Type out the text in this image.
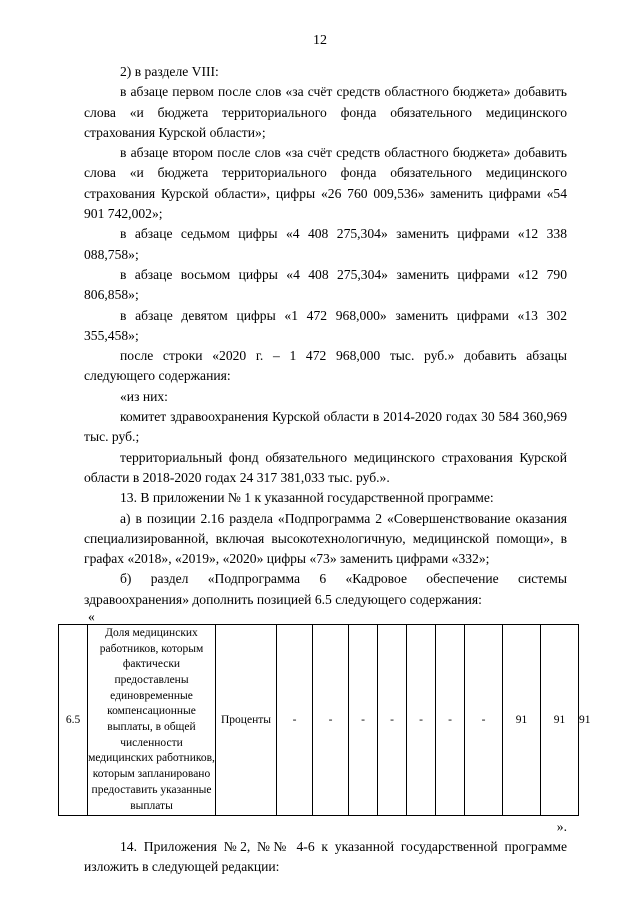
12

2) в разделе VIII:

в абзаце первом после слов «за счёт средств областного бюджета» добавить слова «и бюджета территориального фонда обязательного медицинского страхования Курской области»;

в абзаце втором после слов «за счёт средств областного бюджета» добавить слова «и бюджета территориального фонда обязательного медицинского страхования Курской области», цифры «26 760 009,536» заменить цифрами «54 901 742,002»;

в абзаце седьмом цифры «4 408 275,304» заменить цифрами «12 338 088,758»;

в абзаце восьмом цифры «4 408 275,304» заменить цифрами «12 790 806,858»;

в абзаце девятом цифры «1 472 968,000» заменить цифрами «13 302 355,458»;

после строки «2020 г. – 1 472 968,000 тыс. руб.» добавить абзацы следующего содержания:

«из них:

комитет здравоохранения Курской области в 2014-2020 годах 30 584 360,969 тыс. руб.;

территориальный фонд обязательного медицинского страхования Курской области в 2018-2020 годах 24 317 381,033 тыс. руб.».

13. В приложении № 1 к указанной государственной программе:

а) в позиции 2.16 раздела «Подпрограмма 2 «Совершенствование оказания специализированной, включая высокотехнологичную, медицинской помощи», в графах «2018», «2019», «2020» цифры «73» заменить цифрами «332»;

б) раздел «Подпрограмма 6 «Кадровое обеспечение системы здравоохранения» дополнить позицией 6.5 следующего содержания:

«

6.5	Доля медицинских работников, которым фактически предоставлены единовременные компенсационные выплаты, в общей численности медицинских работников, которым запланировано предоставить указанные выплаты	Проценты	-	-	-	-	-	-	-	91	91	91

».

14. Приложения №2, №№ 4-6 к указанной государственной программе изложить в следующей редакции:
